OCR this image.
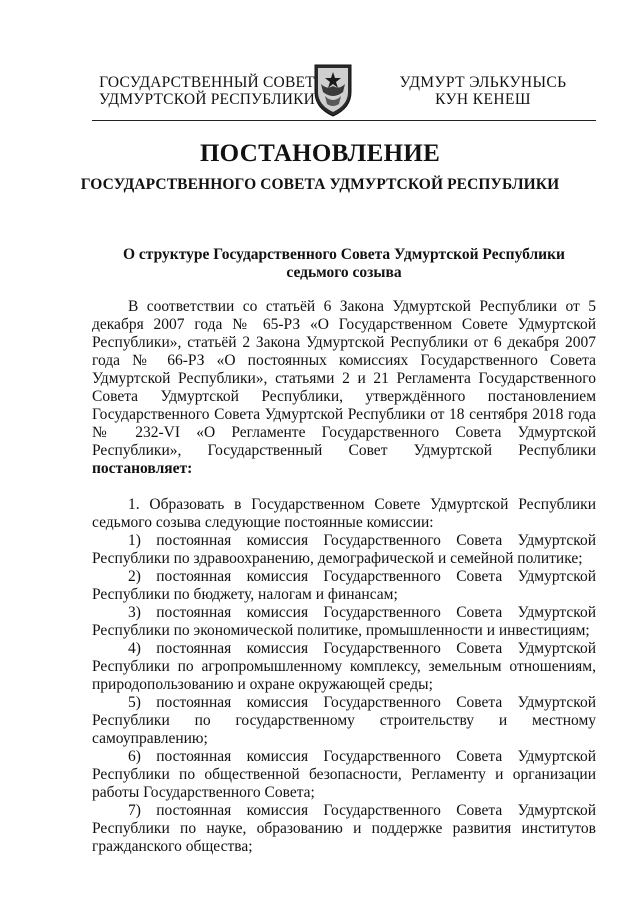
ГОСУДАРСТВЕННЫЙ СОВЕТ
УДМУРТСКОЙ РЕСПУБЛИКИ
УДМУРТ ЭЛЬКУНЫСЬ
КУН КЕНЕШ
ПОСТАНОВЛЕНИЕ
ГОСУДАРСТВЕННОГО СОВЕТА УДМУРТСКОЙ РЕСПУБЛИКИ
О структуре Государственного Совета Удмуртской Республики
седьмого созыва

В соответствии со статьёй 6 Закона Удмуртской Республики от 5 декабря 2007 года № 65-РЗ «О Государственном Совете Удмуртской Республики», статьёй 2 Закона Удмуртской Республики от 6 декабря 2007 года № 66-РЗ «О постоянных комиссиях Государственного Совета Удмуртской Республики», статьями 2 и 21 Регламента Государственного Совета Удмуртской Республики, утверждённого постановлением Государственного Совета Удмуртской Республики от 18 сентября 2018 года № 232-VI «О Регламенте Государственного Совета Удмуртской Республики», Государственный Совет Удмуртской Республики постановляет:

1. Образовать в Государственном Совете Удмуртской Республики седьмого созыва следующие постоянные комиссии:

1) постоянная комиссия Государственного Совета Удмуртской Республики по здравоохранению, демографической и семейной политике;

2) постоянная комиссия Государственного Совета Удмуртской Республики по бюджету, налогам и финансам;

3) постоянная комиссия Государственного Совета Удмуртской Республики по экономической политике, промышленности и инвестициям;

4) постоянная комиссия Государственного Совета Удмуртской Республики по агропромышленному комплексу, земельным отношениям, природопользованию и охране окружающей среды;

5) постоянная комиссия Государственного Совета Удмуртской Республики по государственному строительству и местному самоуправлению;

6) постоянная комиссия Государственного Совета Удмуртской Республики по общественной безопасности, Регламенту и организации работы Государственного Совета;

7) постоянная комиссия Государственного Совета Удмуртской Республики по науке, образованию и поддержке развития институтов гражданского общества;
